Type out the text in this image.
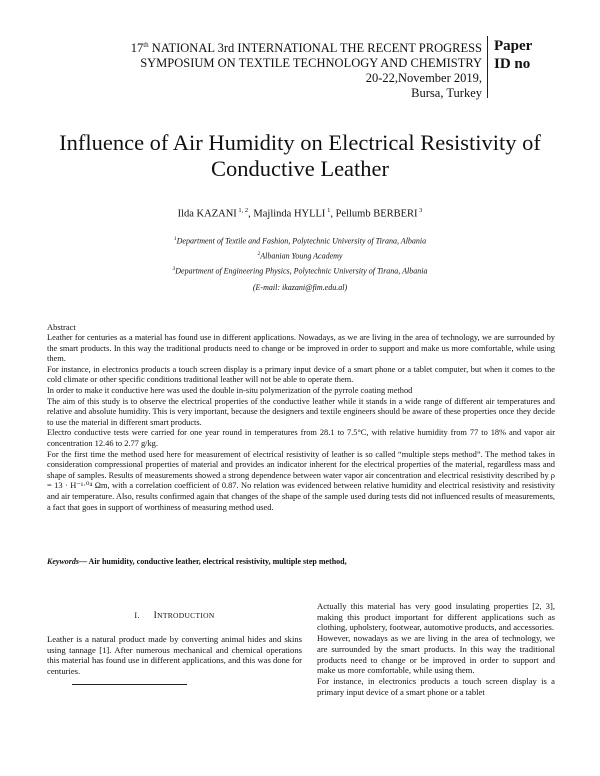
17th NATIONAL 3rd INTERNATIONAL THE RECENT PROGRESS
SYMPOSIUM ON TEXTILE TECHNOLOGY AND CHEMISTRY
20-22,November 2019,
Bursa, Turkey
Paper
ID no
Influence of Air Humidity on Electrical Resistivity of
Conductive Leather
Ilda KAZANI $^{1, 2}$, Majlinda HYLLI $^1$, Pellumb BERBERI $^3$
$^1$Department of Textile and Fashion, Polytechnic University of Tirana, Albania
$^2$Albanian Young Academy
$^3$Department of Engineering Physics, Polytechnic University of Tirana, Albania
(E-mail: ikazani@fim.edu.al)
Abstract

Leather for centuries as a material has found use in different applications. Nowadays, as we are living in the area of technology, we are surrounded by the smart products. In this way the traditional products need to change or be improved in order to support and make us more comfortable, while using them.

For instance, in electronics products a touch screen display is a primary input device of a smart phone or a tablet computer, but when it comes to the cold climate or other specific conditions traditional leather will not be able to operate them.

In order to make it conductive here was used the double in-situ polymerization of the pyrrole coating method

The aim of this study is to observe the electrical properties of the conductive leather while it stands in a wide range of different air temperatures and relative and absolute humidity. This is very important, because the designers and textile engineers should be aware of these properties once they decide to use the material in different smart products.

Electro conductive tests were carried for one year round in temperatures from 28.1 to 7.5°C, with relative humidity from 77 to 18% and vapor air concentration 12.46 to 2.77 g/kg.

For the first time the method used here for measurement of electrical resistivity of leather is so called “multiple steps method”. The method takes in consideration compressional properties of material and provides an indicator inherent for the electrical properties of the material, regardless mass and shape of samples. Results of measurements showed a strong dependence between water vapor air concentration and electrical resistivity described by ρ = 13 · H⁻¹·⁰⁴ Ωm, with a correlation coefficient of 0.87. No relation was evidenced between relative humidity and electrical resistivity and resistivity and air temperature. Also, results confirmed again that changes of the shape of the sample used during tests did not influenced results of measurements, a fact that goes in support of worthiness of measuring method used.

Keywords— Air humidity, conductive leather, electrical resistivity, multiple step method,
I. INTRODUCTION

Leather is a natural product made by converting animal hides and skins using tannage [1]. After numerous mechanical and chemical operations this material has found use in different applications, and this was done for centuries.

Actually this material has very good insulating properties [2, 3], making this product important for different applications such as clothing, upholstery, footwear, automotive products, and accessories.

However, nowadays as we are living in the area of technology, we are surrounded by the smart products. In this way the traditional products need to change or be improved in order to support and make us more comfortable, while using them.

For instance, in electronics products a touch screen display is a primary input device of a smart phone or a tablet
